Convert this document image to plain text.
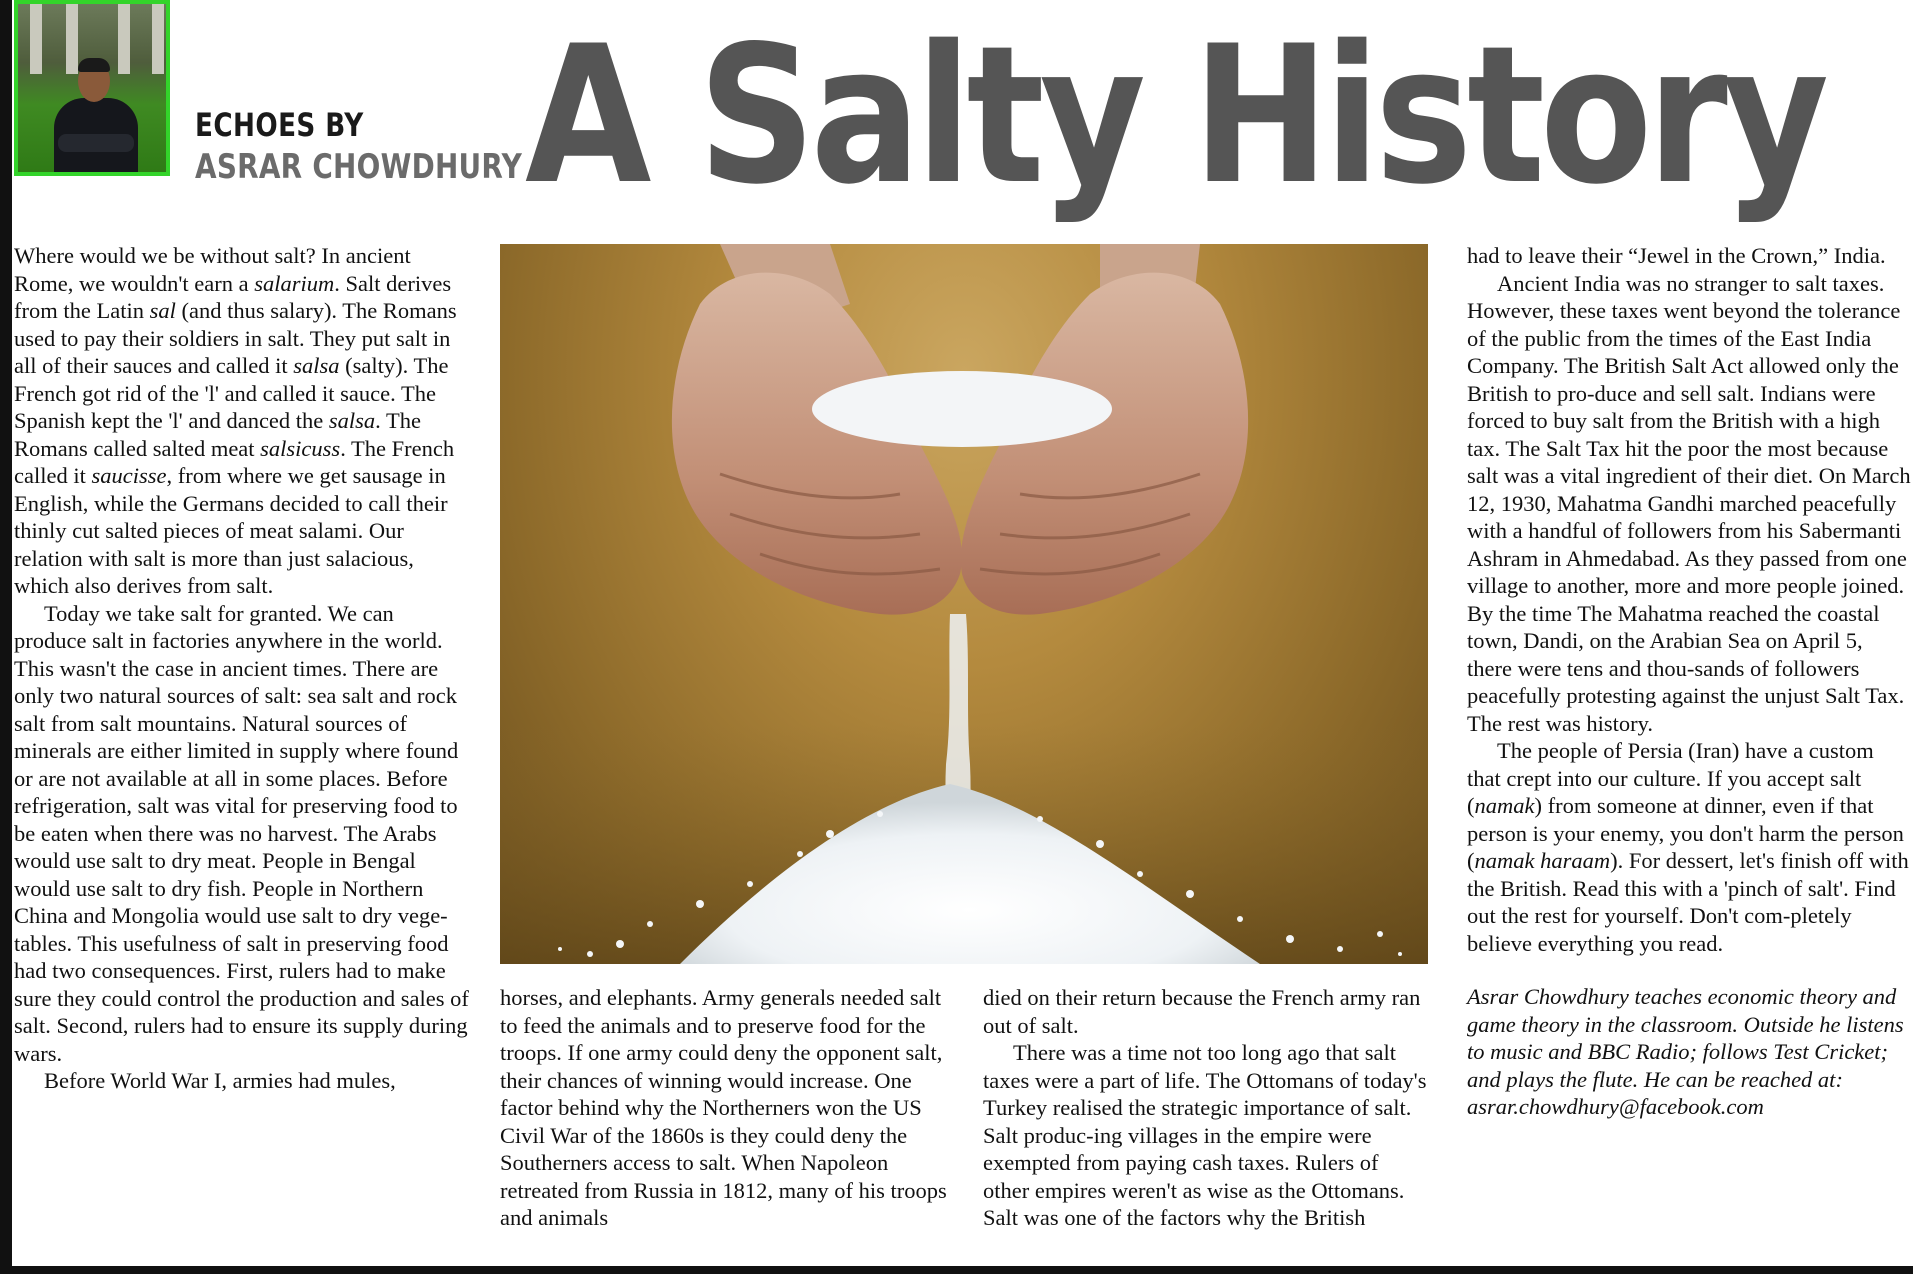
ECHOES BY
ASRAR CHOWDHURY A Salty History

Where would we be without salt? In ancient Rome, we wouldn't earn a salarium. Salt derives from the Latin sal (and thus salary). The Romans used to pay their soldiers in salt. They put salt in all of their sauces and called it salsa (salty). The French got rid of the 'l' and called it sauce. The Spanish kept the 'l' and danced the salsa. The Romans called salted meat salsicuss. The French called it saucisse, from where we get sausage in English, while the Germans decided to call their thinly cut salted pieces of meat salami. Our relation with salt is more than just salacious, which also derives from salt.

Today we take salt for granted. We can produce salt in factories anywhere in the world. This wasn't the case in ancient times. There are only two natural sources of salt: sea salt and rock salt from salt mountains. Natural sources of minerals are either limited in supply where found or are not available at all in some places. Before refrigeration, salt was vital for preserving food to be eaten when there was no harvest. The Arabs would use salt to dry meat. People in Bengal would use salt to dry fish. People in Northern China and Mongolia would use salt to dry vege-tables. This usefulness of salt in preserving food had two consequences. First, rulers had to make sure they could control the production and sales of salt. Second, rulers had to ensure its supply during wars.

Before World War I, armies had mules,

horses, and elephants. Army generals needed salt to feed the animals and to preserve food for the troops. If one army could deny the opponent salt, their chances of winning would increase. One factor behind why the Northerners won the US Civil War of the 1860s is they could deny the Southerners access to salt. When Napoleon retreated from Russia in 1812, many of his troops and animals

died on their return because the French army ran out of salt.

There was a time not too long ago that salt taxes were a part of life. The Ottomans of today's Turkey realised the strategic importance of salt. Salt produc-ing villages in the empire were exempted from paying cash taxes. Rulers of other empires weren't as wise as the Ottomans. Salt was one of the factors why the British

had to leave their “Jewel in the Crown,” India.

Ancient India was no stranger to salt taxes. However, these taxes went beyond the tolerance of the public from the times of the East India Company. The British Salt Act allowed only the British to pro-duce and sell salt. Indians were forced to buy salt from the British with a high tax. The Salt Tax hit the poor the most because salt was a vital ingredient of their diet. On March 12, 1930, Mahatma Gandhi marched peacefully with a handful of followers from his Sabermanti Ashram in Ahmedabad. As they passed from one village to another, more and more people joined. By the time The Mahatma reached the coastal town, Dandi, on the Arabian Sea on April 5, there were tens and thou-sands of followers peacefully protesting against the unjust Salt Tax. The rest was history.

The people of Persia (Iran) have a custom that crept into our culture. If you accept salt (namak) from someone at dinner, even if that person is your enemy, you don't harm the person (namak haraam). For dessert, let's finish off with the British. Read this with a 'pinch of salt'. Find out the rest for yourself. Don't com-pletely believe everything you read.

Asrar Chowdhury teaches economic theory and game theory in the classroom. Outside he listens to music and BBC Radio; follows Test Cricket; and plays the flute. He can be reached at: asrar.chowdhury@facebook.com
